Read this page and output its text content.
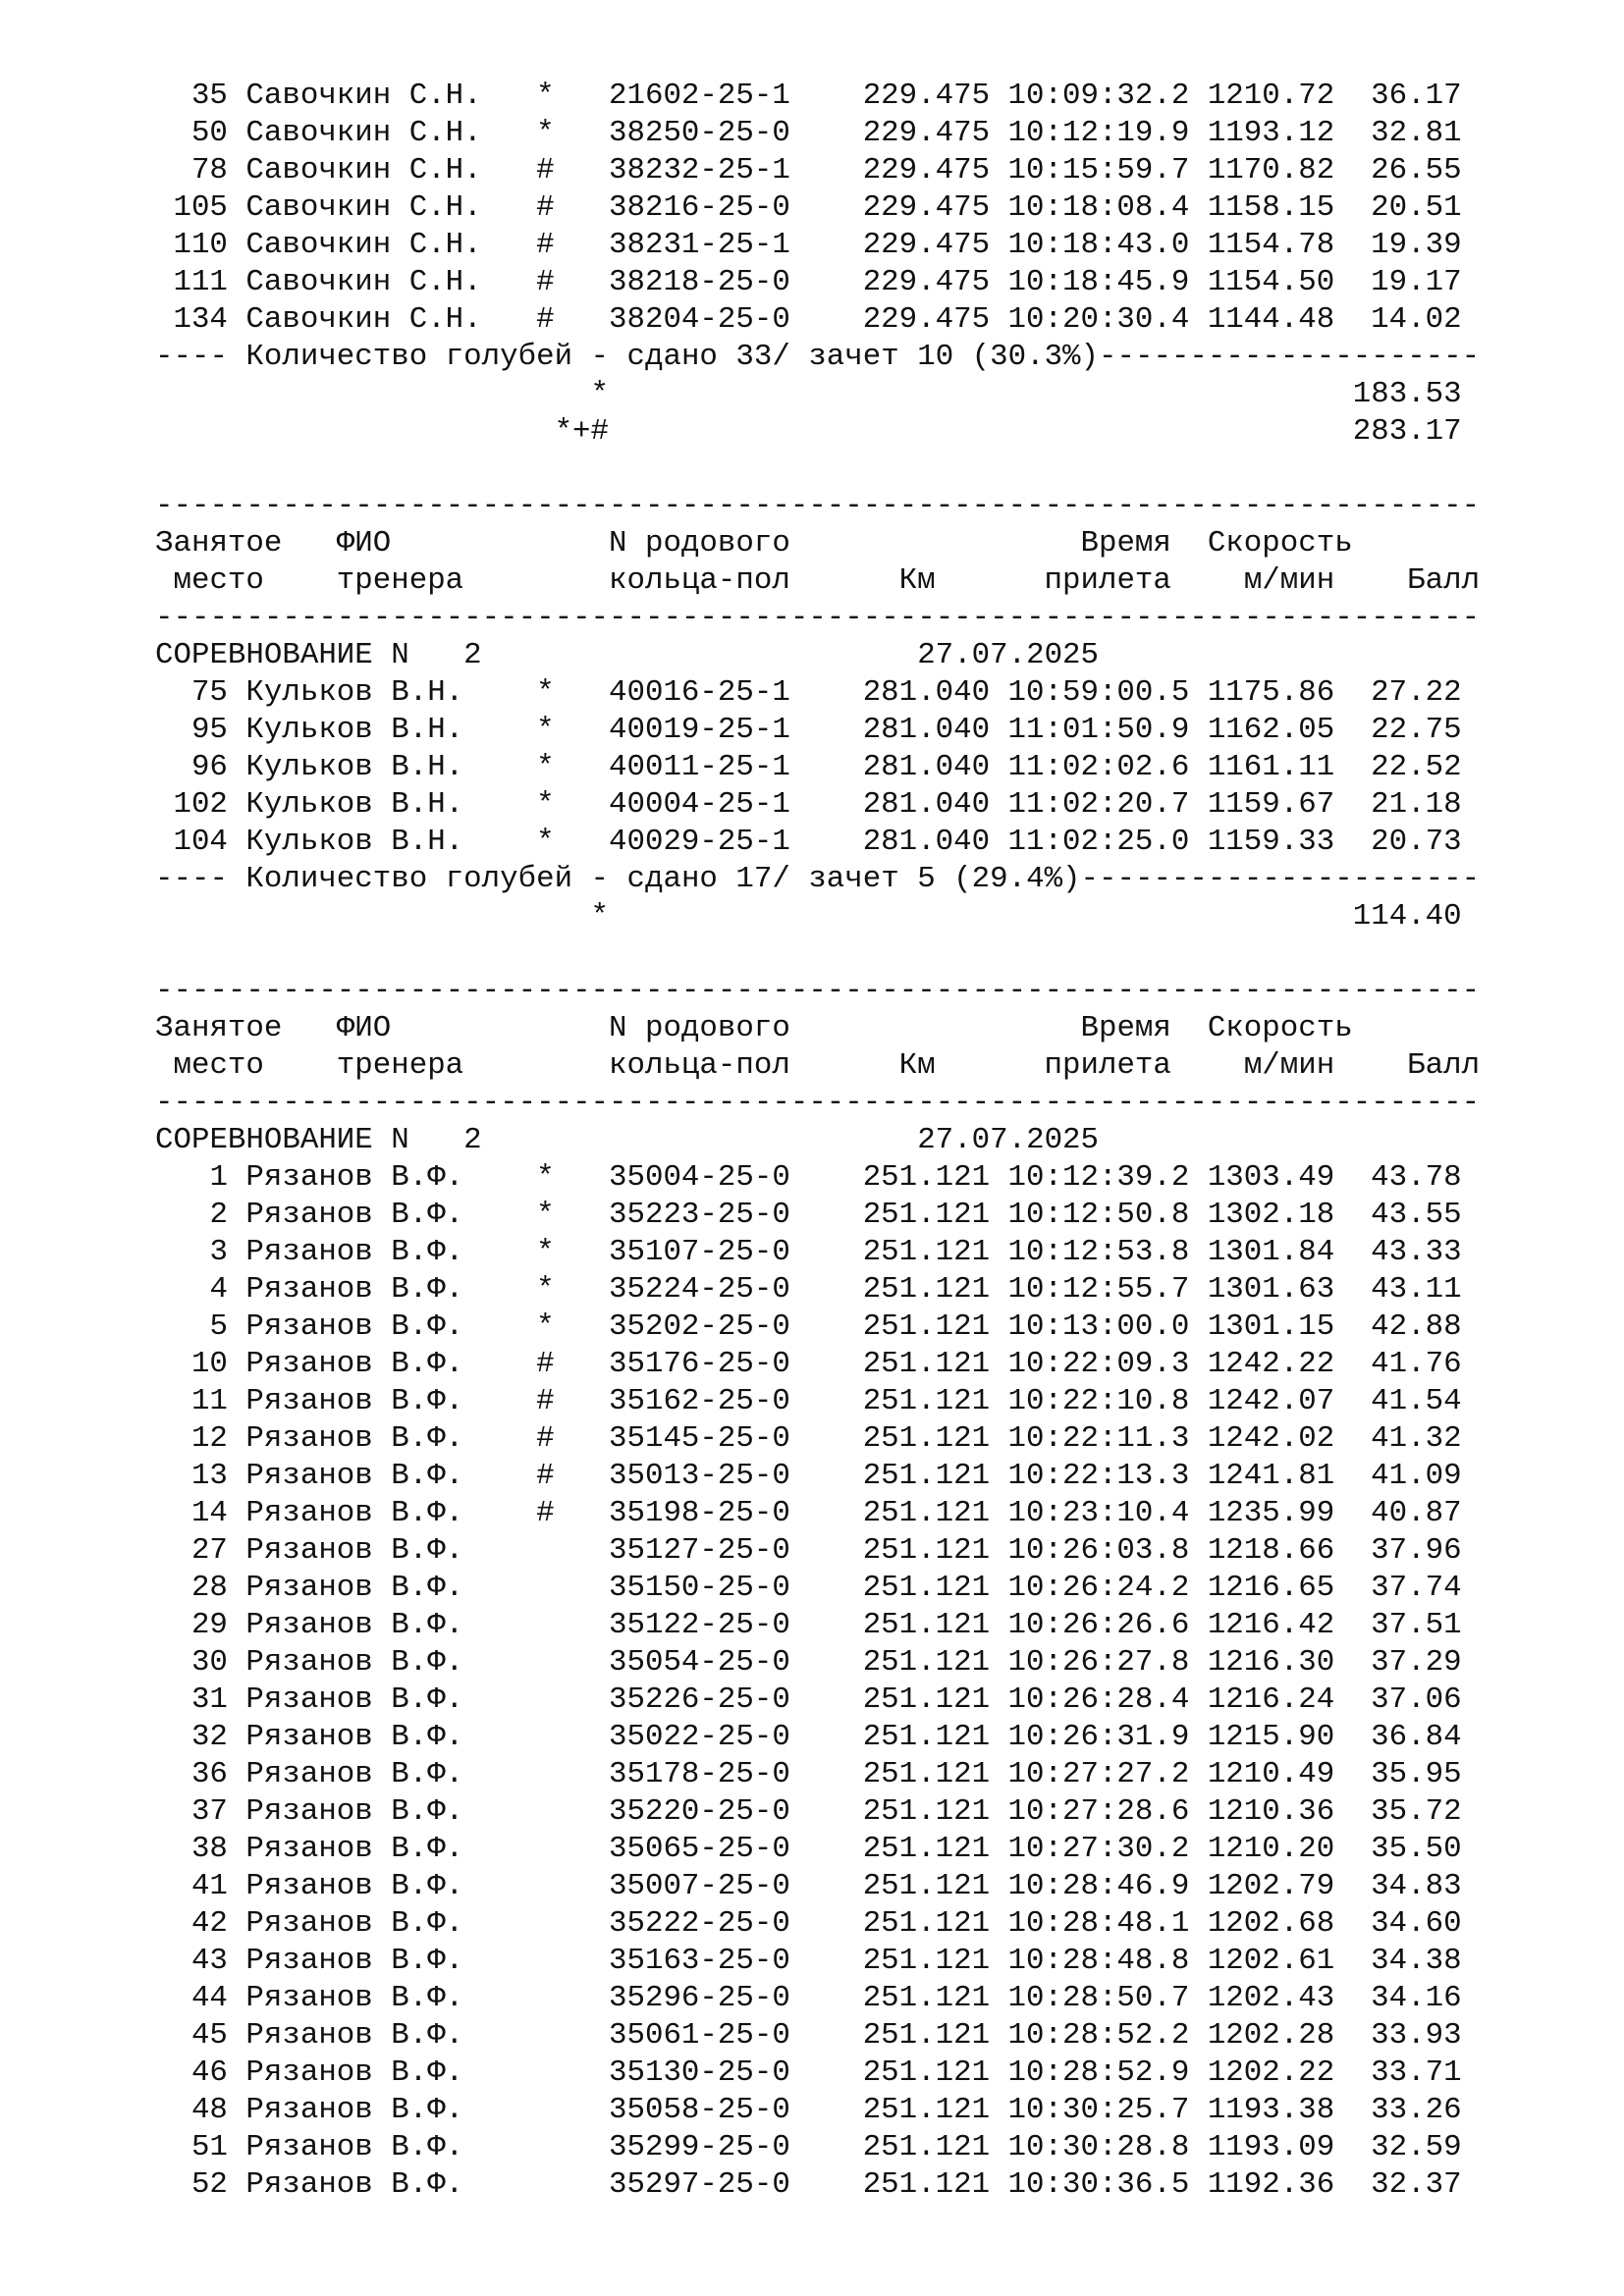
35 Савочкин С.Н. * 21602-25-1 229.475 10:09:32.2 1210.72 36.17
50 Савочкин С.Н. * 38250-25-0 229.475 10:12:19.9 1193.12 32.81
78 Савочкин С.Н. # 38232-25-1 229.475 10:15:59.7 1170.82 26.55
105 Савочкин С.Н. # 38216-25-0 229.475 10:18:08.4 1158.15 20.51
110 Савочкин С.Н. # 38231-25-1 229.475 10:18:43.0 1154.78 19.39
111 Савочкин С.Н. # 38218-25-0 229.475 10:18:45.9 1154.50 19.17
134 Савочкин С.Н. # 38204-25-0 229.475 10:20:30.4 1144.48 14.02
---- Количество голубей - сдано 33/ зачет 10 (30.3%)---------------------
*	183.53
*+#	283.17
-------------------------------------------------------------------------
Занятое ФИО	N родового	Время Скорость
место тренера	кольца-пол	Км	прилета м/мин Балл
-------------------------------------------------------------------------
СОРЕВНОВАНИЕ N   2	27.07.2025
75 Кульков В.Н. * 40016-25-1 281.040 10:59:00.5 1175.86 27.22
95 Кульков В.Н. * 40019-25-1 281.040 11:01:50.9 1162.05 22.75
96 Кульков В.Н. * 40011-25-1 281.040 11:02:02.6 1161.11 22.52
102 Кульков В.Н. * 40004-25-1 281.040 11:02:20.7 1159.67 21.18
104 Кульков В.Н. * 40029-25-1 281.040 11:02:25.0 1159.33 20.73
---- Количество голубей - сдано 17/ зачет 5 (29.4%)----------------------
*	114.40
-------------------------------------------------------------------------
Занятое ФИО	N родового	Время Скорость
место тренера	кольца-пол	Км	прилета м/мин Балл
-------------------------------------------------------------------------
СОРЕВНОВАНИЕ N   2	27.07.2025
1 Рязанов В.Ф. * 35004-25-0 251.121 10:12:39.2 1303.49 43.78
2 Рязанов В.Ф. * 35223-25-0 251.121 10:12:50.8 1302.18 43.55
3 Рязанов В.Ф. * 35107-25-0 251.121 10:12:53.8 1301.84 43.33
4 Рязанов В.Ф. * 35224-25-0 251.121 10:12:55.7 1301.63 43.11
5 Рязанов В.Ф. * 35202-25-0 251.121 10:13:00.0 1301.15 42.88
10 Рязанов В.Ф. # 35176-25-0 251.121 10:22:09.3 1242.22 41.76
11 Рязанов В.Ф. # 35162-25-0 251.121 10:22:10.8 1242.07 41.54
12 Рязанов В.Ф. # 35145-25-0 251.121 10:22:11.3 1242.02 41.32
13 Рязанов В.Ф. # 35013-25-0 251.121 10:22:13.3 1241.81 41.09
14 Рязанов В.Ф. # 35198-25-0 251.121 10:23:10.4 1235.99 40.87
27 Рязанов В.Ф.	35127-25-0 251.121 10:26:03.8 1218.66 37.96
28 Рязанов В.Ф.	35150-25-0 251.121 10:26:24.2 1216.65 37.74
29 Рязанов В.Ф.	35122-25-0 251.121 10:26:26.6 1216.42 37.51
30 Рязанов В.Ф.	35054-25-0 251.121 10:26:27.8 1216.30 37.29
31 Рязанов В.Ф.	35226-25-0 251.121 10:26:28.4 1216.24 37.06
32 Рязанов В.Ф.	35022-25-0 251.121 10:26:31.9 1215.90 36.84
36 Рязанов В.Ф.	35178-25-0 251.121 10:27:27.2 1210.49 35.95
37 Рязанов В.Ф.	35220-25-0 251.121 10:27:28.6 1210.36 35.72
38 Рязанов В.Ф.	35065-25-0 251.121 10:27:30.2 1210.20 35.50
41 Рязанов В.Ф.	35007-25-0 251.121 10:28:46.9 1202.79 34.83
42 Рязанов В.Ф.	35222-25-0 251.121 10:28:48.1 1202.68 34.60
43 Рязанов В.Ф.	35163-25-0 251.121 10:28:48.8 1202.61 34.38
44 Рязанов В.Ф.	35296-25-0 251.121 10:28:50.7 1202.43 34.16
45 Рязанов В.Ф.	35061-25-0 251.121 10:28:52.2 1202.28 33.93
46 Рязанов В.Ф.	35130-25-0 251.121 10:28:52.9 1202.22 33.71
48 Рязанов В.Ф.	35058-25-0 251.121 10:30:25.7 1193.38 33.26
51 Рязанов В.Ф.	35299-25-0 251.121 10:30:28.8 1193.09 32.59
52 Рязанов В.Ф.	35297-25-0 251.121 10:30:36.5 1192.36 32.37
